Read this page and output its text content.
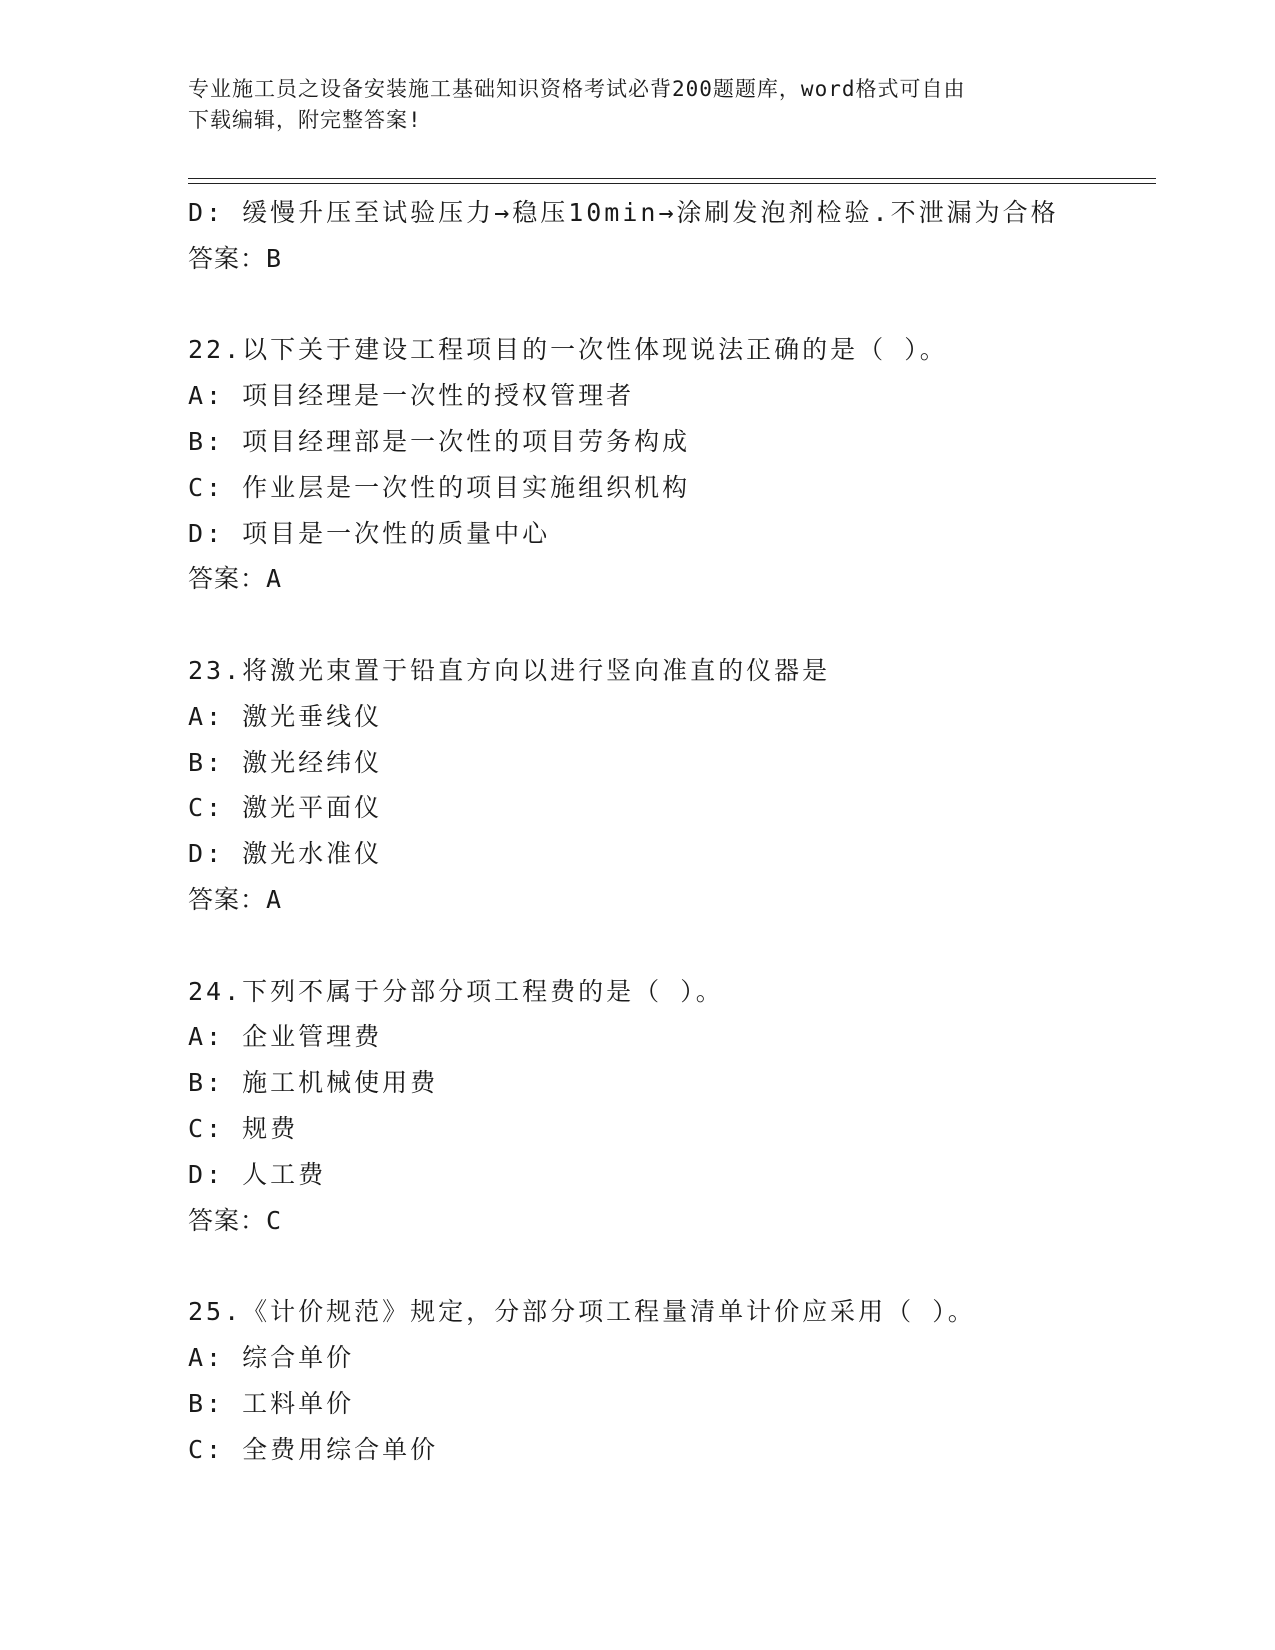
专业施工员之设备安装施工基础知识资格考试必背200题题库，word格式可自由
下载编辑，附完整答案!
D: 缓慢升压至试验压力→稳压10min→涂刷发泡剂检验.不泄漏为合格
答案：B
22.以下关于建设工程项目的一次性体现说法正确的是（ ）。
A: 项目经理是一次性的授权管理者
B: 项目经理部是一次性的项目劳务构成
C: 作业层是一次性的项目实施组织机构
D: 项目是一次性的质量中心
答案：A
23.将激光束置于铅直方向以进行竖向准直的仪器是
A: 激光垂线仪
B: 激光经纬仪
C: 激光平面仪
D: 激光水准仪
答案：A
24.下列不属于分部分项工程费的是（ ）。
A: 企业管理费
B: 施工机械使用费
C: 规费
D: 人工费
答案：C
25.《计价规范》规定，分部分项工程量清单计价应采用（ ）。
A: 综合单价
B: 工料单价
C: 全费用综合单价
